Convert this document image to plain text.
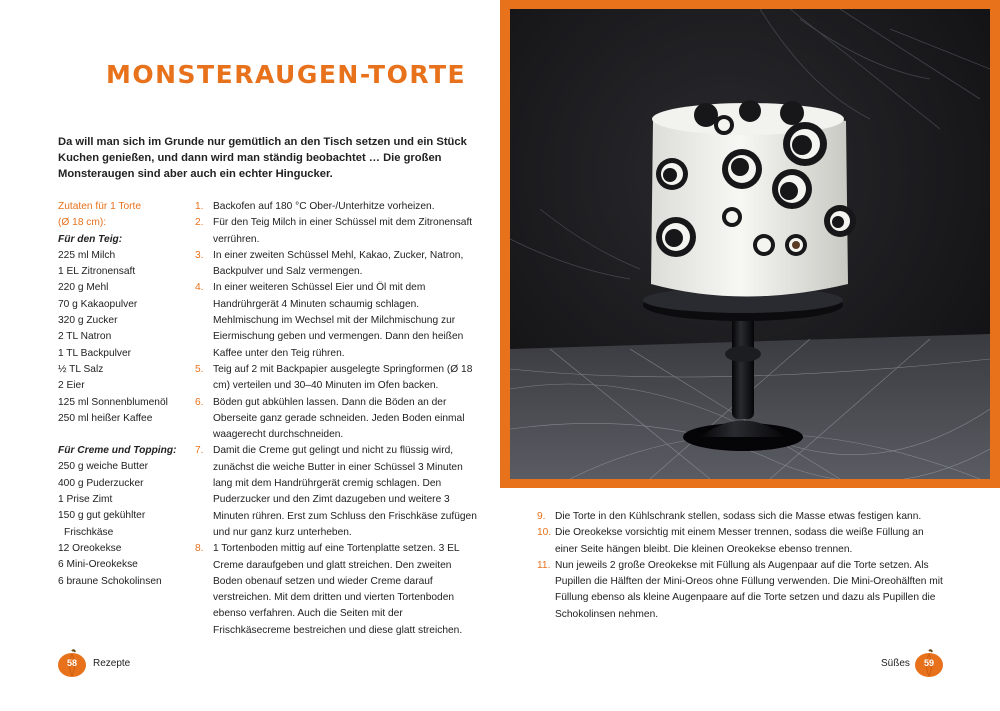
MONSTERAUGEN-TORTE
Da will man sich im Grunde nur gemütlich an den Tisch setzen und ein Stück Kuchen genießen, und dann wird man ständig beobachtet … Die großen Monsteraugen sind aber auch ein echter Hingucker.
Zutaten für 1 Torte
(Ø 18 cm):
Für den Teig:
225 ml Milch
1 EL Zitronensaft
220 g Mehl
70 g Kakaopulver
320 g Zucker
2 TL Natron
1 TL Backpulver
½ TL Salz
2 Eier
125 ml Sonnenblumenöl
250 ml heißer Kaffee
Für Creme und Topping:
250 g weiche Butter
400 g Puderzucker
1 Prise Zimt
150 g gut gekühlter
Frischkäse
12 Oreokekse
6 Mini-Oreokekse
6 braune Schokolinsen
1. Backofen auf 180 °C Ober-/Unterhitze vorheizen.
2. Für den Teig Milch in einer Schüssel mit dem Zitronensaft verrühren.
3. In einer zweiten Schüssel Mehl, Kakao, Zucker, Natron, Backpulver und Salz vermengen.
4. In einer weiteren Schüssel Eier und Öl mit dem Handrührgerät 4 Minuten schaumig schlagen. Mehlmischung im Wechsel mit der Milchmischung zur Eiermischung geben und vermengen. Dann den heißen Kaffee unter den Teig rühren.
5. Teig auf 2 mit Backpapier ausgelegte Springformen (Ø 18 cm) verteilen und 30–40 Minuten im Ofen backen.
6. Böden gut abkühlen lassen. Dann die Böden an der Oberseite ganz gerade schneiden. Jeden Boden einmal waagerecht durchschneiden.
7. Damit die Creme gut gelingt und nicht zu flüssig wird, zunächst die weiche Butter in einer Schüssel 3 Minuten lang mit dem Handrührgerät cremig schlagen. Den Puderzucker und den Zimt dazugeben und weitere 3 Minuten rühren. Erst zum Schluss den Frischkäse zufügen und nur ganz kurz unterheben.
8. 1 Tortenboden mittig auf eine Tortenplatte setzen. 3 EL Creme daraufgeben und glatt streichen. Den zweiten Boden obenauf setzen und wieder Creme darauf verstreichen. Mit dem dritten und vierten Tortenboden ebenso verfahren. Auch die Seiten mit der Frischkäsecreme bestreichen und diese glatt streichen.
9. Die Torte in den Kühlschrank stellen, sodass sich die Masse etwas festigen kann.
10. Die Oreokekse vorsichtig mit einem Messer trennen, sodass die weiße Füllung an einer Seite hängen bleibt. Die kleinen Oreokekse ebenso trennen.
11. Nun jeweils 2 große Oreokekse mit Füllung als Augenpaar auf die Torte setzen. Als Pupillen die Hälften der Mini-Oreos ohne Füllung verwenden. Die Mini-Oreohälften mit Füllung ebenso als kleine Augenpaare auf die Torte setzen und dazu als Pupillen die Schokolinsen nehmen.
58	Rezepte	Süßes	59
